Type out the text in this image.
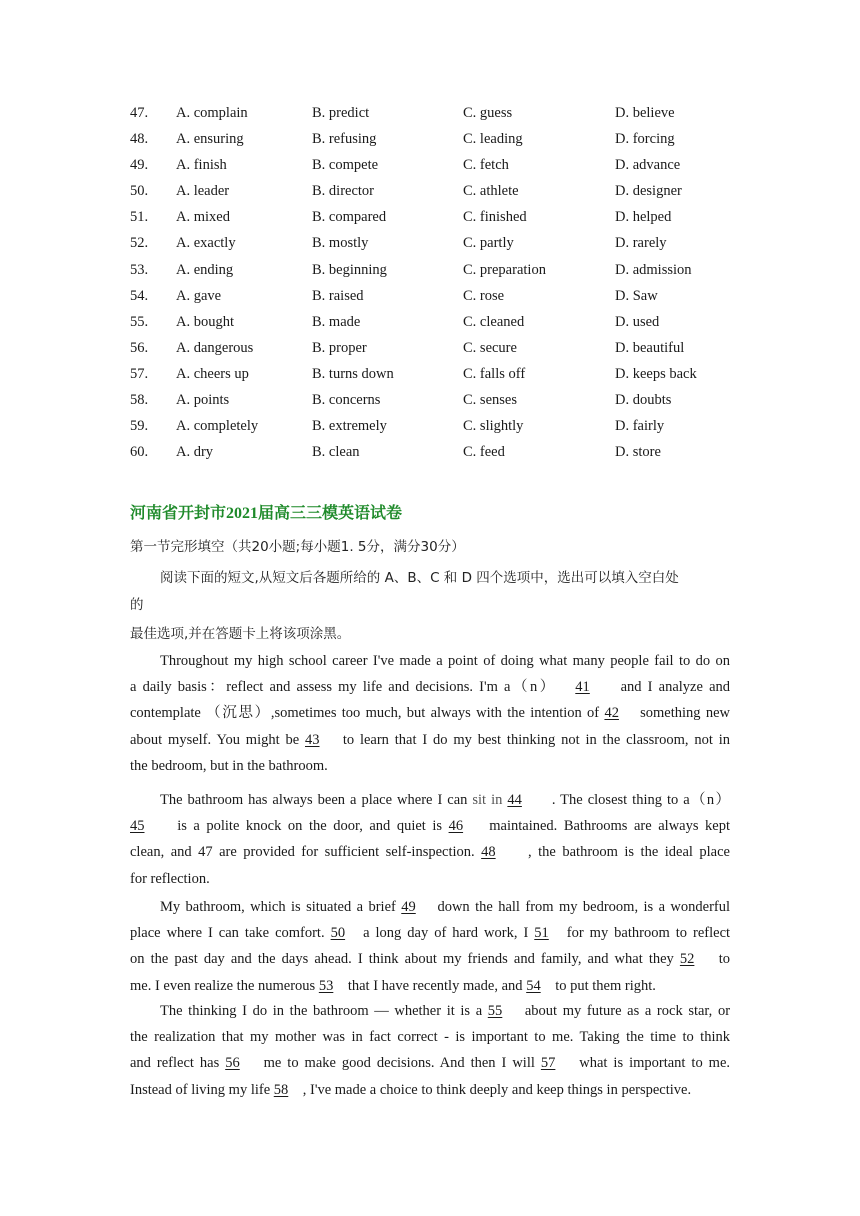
47. A. complain	B. predict	C. guess	D. believe
48. A. ensuring	B. refusing	C. leading	D. forcing
49. A. finish	B. compete	C. fetch	D. advance
50. A. leader	B. director	C. athlete	D. designer
51. A. mixed	B. compared	C. finished	D. helped
52. A. exactly	B. mostly	C. partly	D. rarely
53. A. ending	B. beginning	C. preparation	D. admission
54. A. gave	B. raised	C. rose	D. Saw
55. A. bought	B. made	C. cleaned	D. used
56. A. dangerous	B. proper	C. secure	D. beautiful
57. A. cheers up	B. turns down	C. falls off	D. keeps back
58. A. points	B. concerns	C. senses	D. doubts
59. A. completely	B. extremely	C. slightly	D. fairly
60. A. dry	B. clean	C. feed	D. store
河南省开封市2021届高三三模英语试卷
第一节完形填空（共20小题;每小题1. 5分，满分30分）
阅读下面的短文,从短文后各题所给的 A、B、C 和 D 四个选项中，选出可以填入空白处
的
最佳选项,并在答题卡上将该项涂黑。
Throughout my high school career I've made a point of doing what many people fail to do on
a daily basis：reflect and assess my life and decisions. I'm a（n） 41 and I analyze and
contemplate （沉思）,sometimes too much, but always with the intention of 42 something new
about myself. You might be 43 to learn that I do my best thinking not in the classroom, not in
the bedroom, but in the bathroom.
The bathroom has always been a place where I can sit in 44 . The closest thing to a（n）
45 is a polite knock on the door, and quiet is 46 maintained. Bathrooms are always kept
clean, and 47 are provided for sufficient self-inspection. 48 , the bathroom is the ideal place
for reflection.
My bathroom, which is situated a brief 49 down the hall from my bedroom, is a wonderful
place where I can take comfort. 50 a long day of hard work, I 51 for my bathroom to reflect
on the past day and the days ahead. I think about my friends and family, and what they 52 to
me. I even realize the numerous 53 that I have recently made, and 54 to put them right.
The thinking I do in the bathroom — whether it is a 55 about my future as a rock star, or
the realization that my mother was in fact correct - is important to me. Taking the time to think
and reflect has 56 me to make good decisions. And then I will 57 what is important to me.
Instead of living my life 58 , I've made a choice to think deeply and keep things in perspective.
